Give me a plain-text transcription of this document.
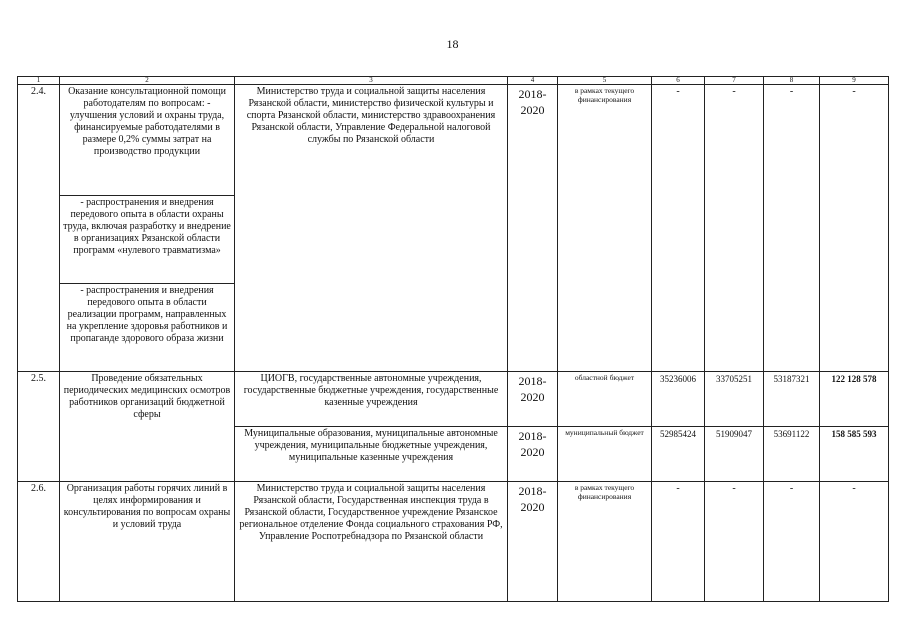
18
1	2	3	4	5	6	7	8	9
2.4.	Оказание консультационной помощи работодателям по вопросам: - улучшения условий и охраны труда, финансируемые работодателями в размере 0,2% суммы затрат на производство продукции	Министерство труда и социальной защиты населения Рязанской области, министерство физической культуры и спорта Рязанской области, министерство здравоохранения Рязанской области, Управление Федеральной налоговой службы по Рязанской области	2018-2020	в рамках текущего финансирования	-	-	-	-
	- распространения и внедрения передового опыта в области охраны труда, включая разработку и внедрение в организациях Рязанской области программ «нулевого травматизма»							
	- распространения и внедрения передового опыта в области реализации программ, направленных на укрепление здоровья работников и пропаганде здорового образа жизни							
2.5.	Проведение обязательных периодических медицинских осмотров работников организаций бюджетной сферы	ЦИОГВ, государственные автономные учреждения, государственные бюджетные учреждения, государственные казенные учреждения	2018-2020	областной бюджет	35236006	33705251	53187321	122 128 578
		Муниципальные образования, муниципальные автономные учреждения, муниципальные бюджетные учреждения, муниципальные казенные учреждения	2018-2020	муниципальный бюджет	52985424	51909047	53691122	158 585 593
2.6.	Организация работы горячих линий в целях информирования и консультирования по вопросам охраны и условий труда	Министерство труда и социальной защиты населения Рязанской области, Государственная инспекция труда в Рязанской области, Государственное учреждение Рязанское региональное отделение Фонда социального страхования РФ, Управление Роспотребнадзора по Рязанской области	2018-2020	в рамках текущего финансирования	-	-	-	-
